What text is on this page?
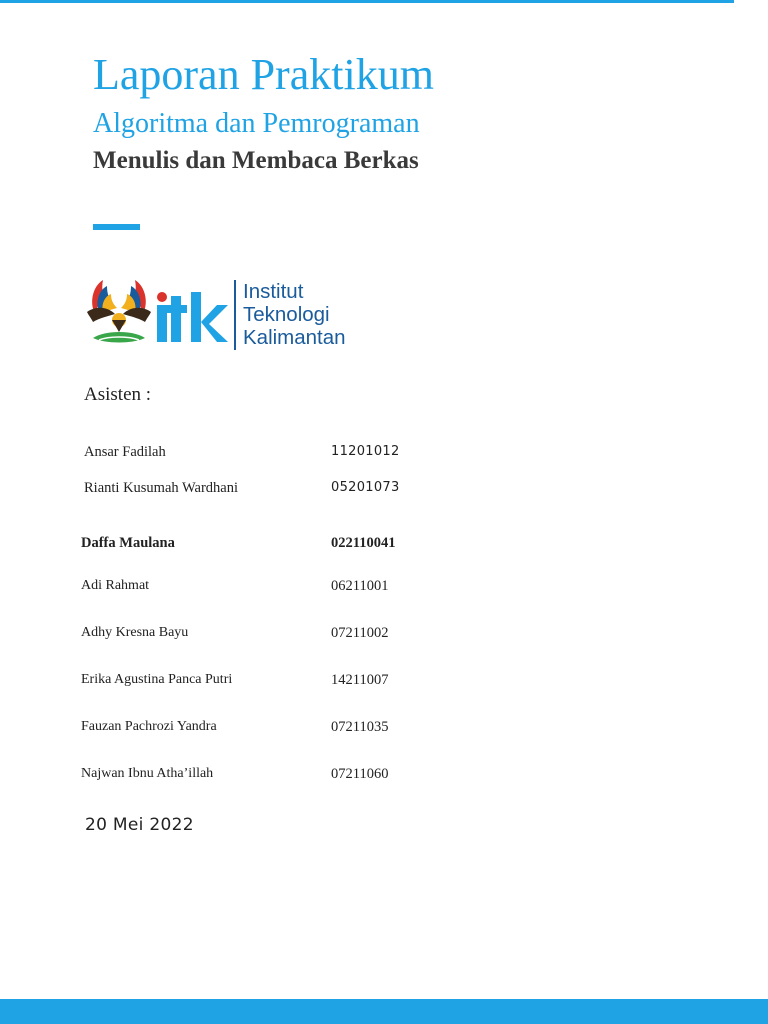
Laporan Praktikum
Algoritma dan Pemrograman
Menulis dan Membaca Berkas
Institut
Teknologi
Kalimantan
Asisten :
Ansar Fadilah	11201012
Rianti Kusumah Wardhani	05201073
Daffa Maulana	022110041
Adi Rahmat	06211001
Adhy Kresna Bayu	07211002
Erika Agustina Panca Putri	14211007
Fauzan Pachrozi Yandra	07211035
Najwan Ibnu Atha’illah	07211060
20 Mei 2022
